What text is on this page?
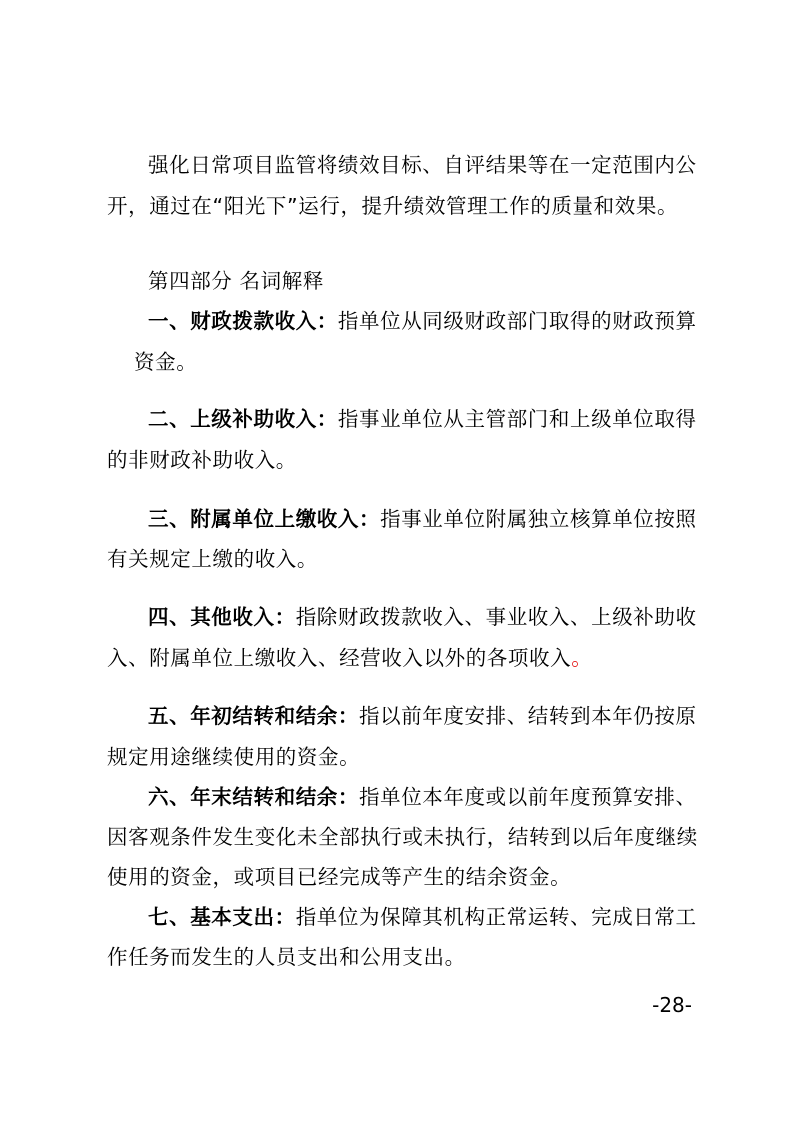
强化日常项目监管将绩效目标、自评结果等在一定范围内公
开，通过在“阳光下”运行，提升绩效管理工作的质量和效果。
第四部分 名词解释
一、财政拨款收入：指单位从同级财政部门取得的财政预算
资金。
二、上级补助收入：指事业单位从主管部门和上级单位取得
的非财政补助收入。
三、附属单位上缴收入：指事业单位附属独立核算单位按照
有关规定上缴的收入。
四、其他收入：指除财政拨款收入、事业收入、上级补助收
入、附属单位上缴收入、经营收入以外的各项收入。
五、年初结转和结余：指以前年度安排、结转到本年仍按原
规定用途继续使用的资金。
六、年末结转和结余：指单位本年度或以前年度预算安排、
因客观条件发生变化未全部执行或未执行，结转到以后年度继续
使用的资金，或项目已经完成等产生的结余资金。
七、基本支出：指单位为保障其机构正常运转、完成日常工
作任务而发生的人员支出和公用支出。
-28-
